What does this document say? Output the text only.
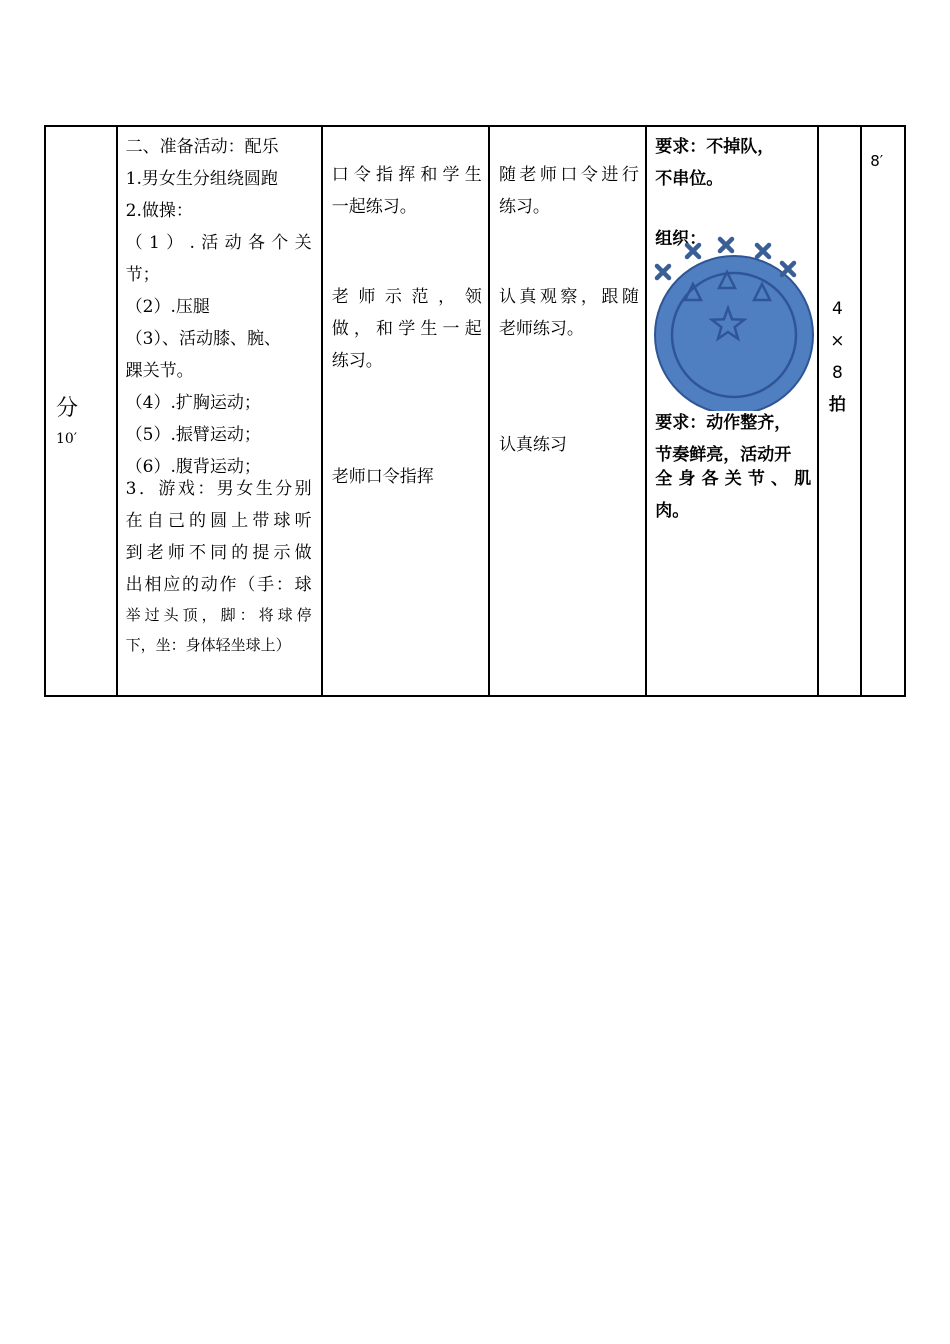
分
10′
二、准备活动：配乐
1.男女生分组绕圆跑
2.做操：
（1）.活动各个关
节；
（2）.压腿
（3）、活动膝、腕、
踝关节。
（4）.扩胸运动；
（5）.振臂运动；
（6）.腹背运动；
3．游戏：男女生分别
在自己的圆上带球听
到老师不同的提示做
出相应的动作（手：球
举过头顶，脚：将球停
下，坐：身体轻坐球上）
口令指挥和学生
一起练习。
老师示范，领
做，和学生一起
练习。
老师口令指挥
随老师口令进行
练习。
认真观察，跟随
老师练习。
认真练习
要求：不掉队，
不串位。
组织：
要求：动作整齐，
节奏鲜亮，活动开
全身各关节、肌
肉。
4
×
8
拍
8′
